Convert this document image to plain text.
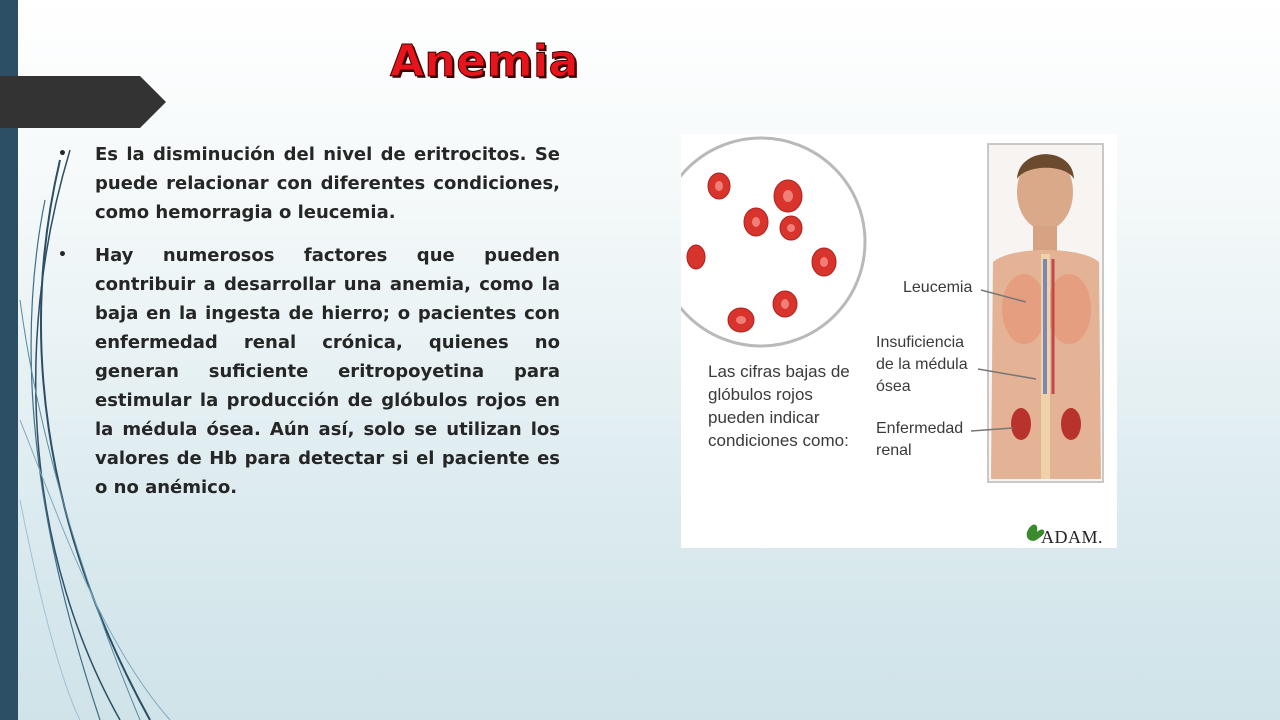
Anemia
• Es la disminución del nivel de eritrocitos. Se puede relacionar con diferentes condiciones, como hemorragia o leucemia.
• Hay numerosos factores que pueden contribuir a desarrollar una anemia, como la baja en la ingesta de hierro; o pacientes con enfermedad renal crónica, quienes no generan suficiente eritropoyetina para estimular la producción de glóbulos rojos en la médula ósea. Aún así, solo se utilizan los valores de Hb para detectar si el paciente es o no anémico.
Las cifras bajas de
glóbulos rojos
pueden indicar
condiciones como:
Leucemia
Insuficiencia
de la médula
ósea
Enfermedad
renal
ADAM.
